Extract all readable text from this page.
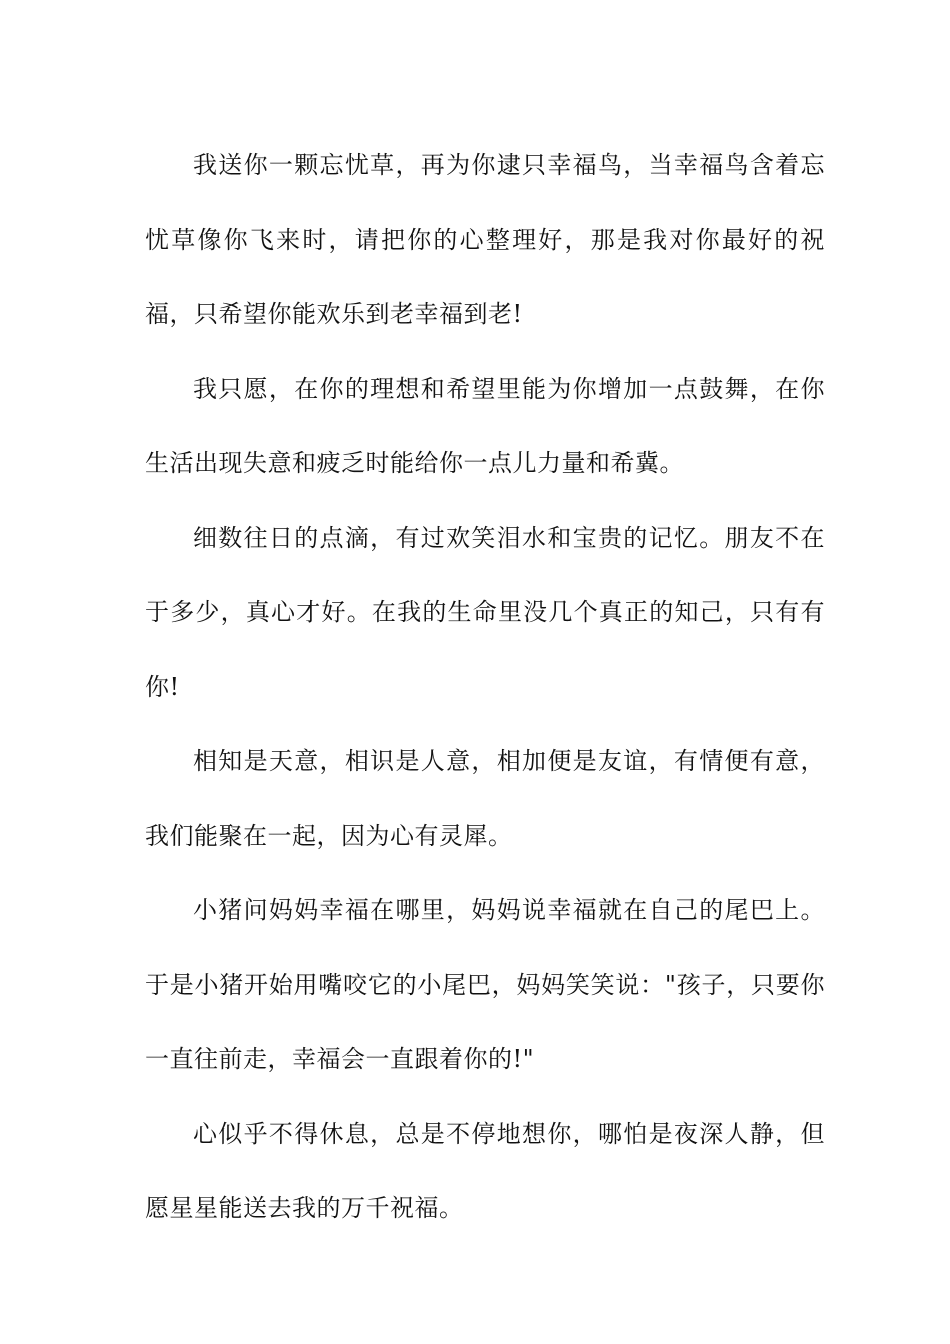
我送你一颗忘忧草，再为你逮只幸福鸟，当幸福鸟含着忘忧草像你飞来时，请把你的心整理好，那是我对你最好的祝福，只希望你能欢乐到老幸福到老!

我只愿，在你的理想和希望里能为你增加一点鼓舞，在你生活出现失意和疲乏时能给你一点儿力量和希冀。

细数往日的点滴，有过欢笑泪水和宝贵的记忆。朋友不在于多少，真心才好。在我的生命里没几个真正的知己，只有有你!

相知是天意，相识是人意，相加便是友谊，有情便有意，我们能聚在一起，因为心有灵犀。

小猪问妈妈幸福在哪里，妈妈说幸福就在自己的尾巴上。于是小猪开始用嘴咬它的小尾巴，妈妈笑笑说："孩子，只要你一直往前走，幸福会一直跟着你的!"

心似乎不得休息，总是不停地想你，哪怕是夜深人静，但愿星星能送去我的万千祝福。
